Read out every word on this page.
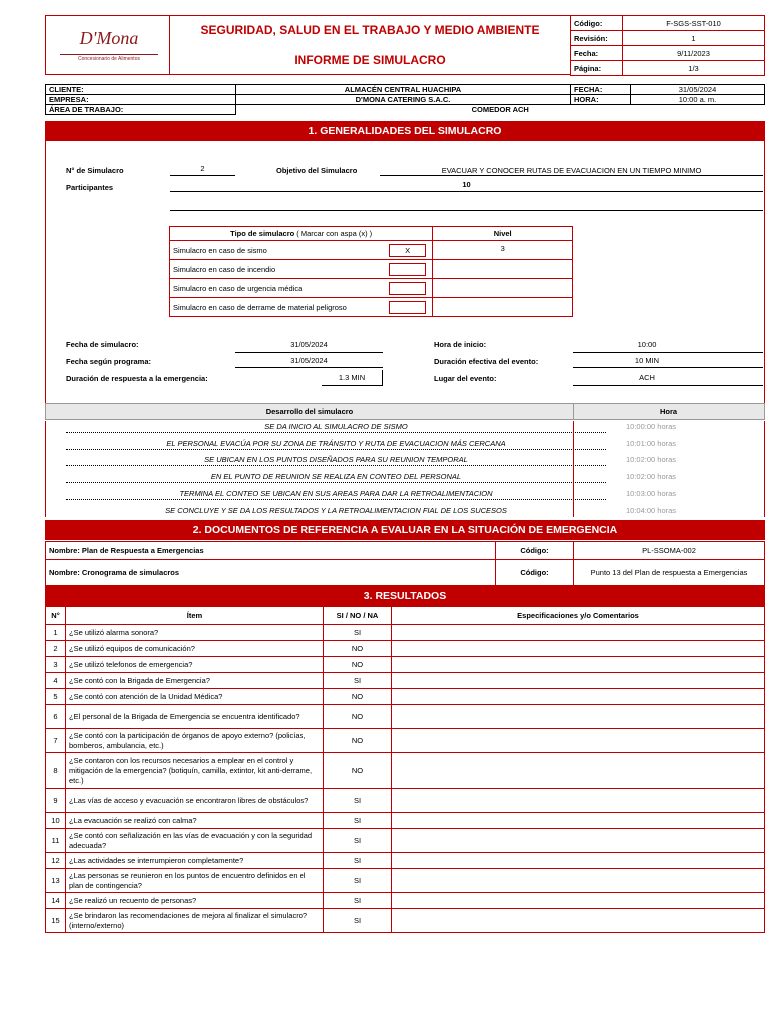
D'Mona
Concesionario de Alimentos
SEGURIDAD, SALUD EN EL TRABAJO Y MEDIO AMBIENTE
INFORME DE SIMULACRO
Código:	F-SGS-SST-010
Revisión:	1
Fecha:	9/11/2023
Página:	1/3
CLIENTE:	ALMACÉN CENTRAL HUACHIPA	FECHA:	31/05/2024
EMPRESA:	D'MONA CATERING S.A.C.	HORA:	10:00 a. m.
ÁREA DE TRABAJO:	COMEDOR ACH		
1. GENERALIDADES DEL SIMULACRO
N° de Simulacro	2	Objetivo del Simulacro	EVACUAR Y CONOCER RUTAS DE EVACUACION EN UN TIEMPO MINIMO
Participantes	10
Tipo de simulacro ( Marcar con aspa (x) )		Nivel
Simulacro en caso de sismo	X	3
Simulacro en caso de incendio	

Simulacro en caso de urgencia médica	

Simulacro en caso de derrame de material peligroso	

Fecha de simulacro:	31/05/2024
Fecha según programa:	31/05/2024
Duración de respuesta a la emergencia:	1.3 MIN
Hora de inicio:	10:00
Duración efectiva del evento:	10 MIN
Lugar del evento:	ACH
Desarrollo del simulacro	Hora
SE DA INICIO AL SIMULACRO DE SISMO	10:00:00 horas
EL PERSONAL EVACÚA POR SU ZONA DE TRÁNSITO Y RUTA DE EVACUACION MÁS CERCANA	10:01:00 horas
SE UBICAN EN LOS PUNTOS DISEÑADOS PARA SU REUNION TEMPORAL	10:02:00 horas
EN EL PUNTO DE REUNION SE REALIZA EN CONTEO DEL PERSONAL	10:02:00 horas
TERMINA EL CONTEO SE UBICAN EN SUS AREAS PARA DAR LA RETROALIMENTACION	10:03:00 horas
SE CONCLUYE Y SE DA LOS RESULTADOS Y LA RETROALIMENTACION FIAL DE LOS SUCESOS	10:04:00 horas
2. DOCUMENTOS DE REFERENCIA A EVALUAR EN LA SITUACIÓN DE EMERGENCIA
Nombre: Plan de Respuesta a Emergencias	Código:	PL-SSOMA-002
Nombre: Cronograma de simulacros	Código:	Punto 13 del Plan de respuesta a Emergencias
3. RESULTADOS
N°	Ítem	SI / NO / NA	Especificaciones y/o Comentarios
1	¿Se utilizó alarma sonora?	SI	
2	¿Se utilizó equipos de comunicación?	NO	
3	¿Se utilizó telefonos de emergencia?	NO	
4	¿Se contó con la Brigada de Emergencia?	SI	
5	¿Se contó con atención de la Unidad Médica?	NO	
6	¿El personal de la Brigada de Emergencia se encuentra identificado?	NO	
7	¿Se contó con la participación de órganos de apoyo externo? (policías, bomberos, ambulancia, etc.)	NO	
8	¿Se contaron con los recursos necesarios a emplear en el control y mitigación de la emergencia? (botiquín, camilla, extintor, kit anti-derrame, etc.)	NO	
9	¿Las vías de acceso y evacuación se encontraron libres de obstáculos?	SI	
10	¿La evacuación se realizó con calma?	SI	
11	¿Se contó con señalización en las vías de evacuación y con la seguridad adecuada?	SI	
12	¿Las actividades se interrumpieron completamente?	SI	
13	¿Las personas se reunieron en los puntos de encuentro definidos en el plan de contingencia?	SI	
14	¿Se realizó un recuento de personas?	SI	
15	¿Se brindaron las recomendaciones de mejora al finalizar el simulacro? (interno/externo)	SI	
